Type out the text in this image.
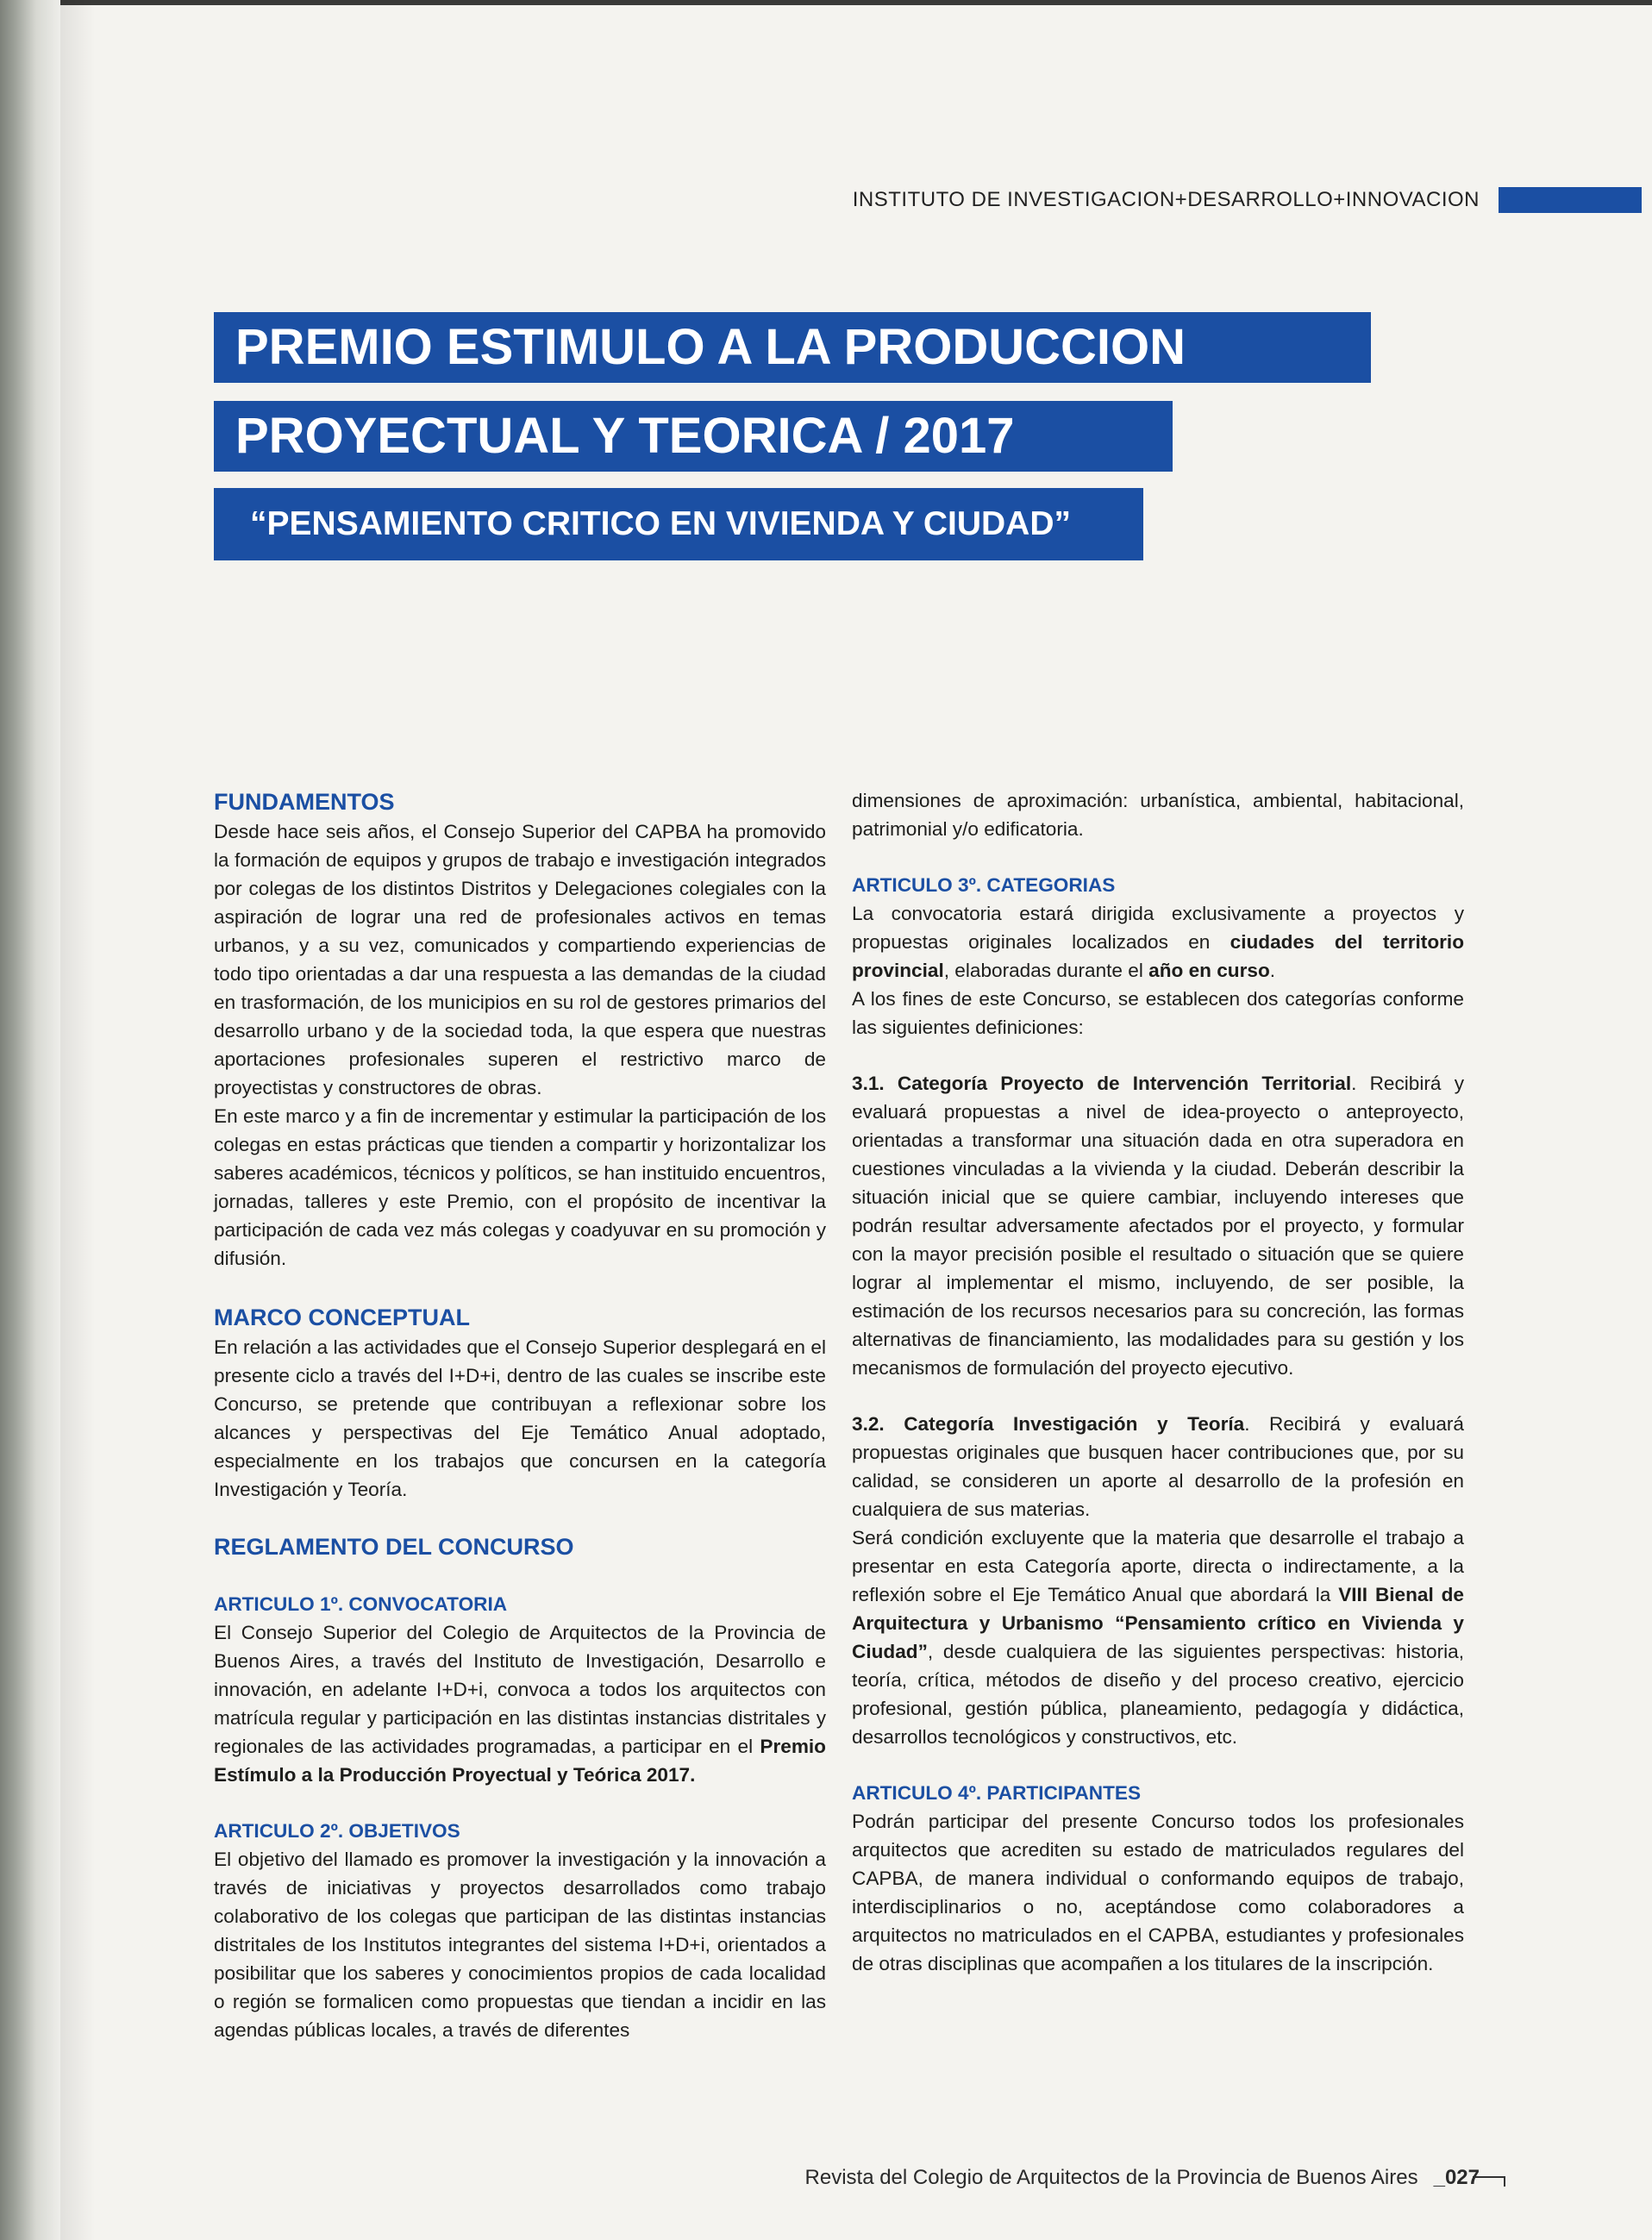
INSTITUTO DE INVESTIGACION+DESARROLLO+INNOVACION
PREMIO ESTIMULO A LA PRODUCCION
PROYECTUAL Y TEORICA / 2017
“PENSAMIENTO CRITICO EN VIVIENDA Y CIUDAD”
FUNDAMENTOS

Desde hace seis años, el Consejo Superior del CAPBA ha promovido la formación de equipos y grupos de trabajo e investigación integrados por colegas de los distintos Distritos y Delegaciones colegiales con la aspiración de lograr una red de profesionales activos en temas urbanos, y a su vez, comunicados y compartiendo experiencias de todo tipo orientadas a dar una respuesta a las demandas de la ciudad en trasformación, de los municipios en su rol de gestores primarios del desarrollo urbano y de la sociedad toda, la que espera que nuestras aportaciones profesionales superen el restrictivo marco de proyectistas y constructores de obras.

En este marco y a fin de incrementar y estimular la participación de los colegas en estas prácticas que tienden a compartir y horizontalizar los saberes académicos, técnicos y políticos, se han instituido encuentros, jornadas, talleres y este Premio, con el propósito de incentivar la participación de cada vez más colegas y coadyuvar en su promoción y difusión.

MARCO CONCEPTUAL

En relación a las actividades que el Consejo Superior desplegará en el presente ciclo a través del I+D+i, dentro de las cuales se inscribe este Concurso, se pretende que contribuyan a reflexionar sobre los alcances y perspectivas del Eje Temático Anual adoptado, especialmente en los trabajos que concursen en la categoría Investigación y Teoría.

REGLAMENTO DEL CONCURSO
ARTICULO 1º. CONVOCATORIA

El Consejo Superior del Colegio de Arquitectos de la Provincia de Buenos Aires, a través del Instituto de Investigación, Desarrollo e innovación, en adelante I+D+i, convoca a todos los arquitectos con matrícula regular y participación en las distintas instancias distritales y regionales de las actividades programadas, a participar en el Premio Estímulo a la Producción Proyectual y Teórica 2017.

ARTICULO 2º. OBJETIVOS

El objetivo del llamado es promover la investigación y la innovación a través de iniciativas y proyectos desarrollados como trabajo colaborativo de los colegas que participan de las distintas instancias distritales de los Institutos integrantes del sistema I+D+i, orientados a posibilitar que los saberes y conocimientos propios de cada localidad o región se formalicen como propuestas que tiendan a incidir en las agendas públicas locales, a través de diferentes

dimensiones de aproximación: urbanística, ambiental, habitacional, patrimonial y/o edificatoria.

ARTICULO 3º. CATEGORIAS

La convocatoria estará dirigida exclusivamente a proyectos y propuestas originales localizados en ciudades del territorio provincial, elaboradas durante el año en curso.

A los fines de este Concurso, se establecen dos categorías conforme las siguientes definiciones:

3.1. Categoría Proyecto de Intervención Territorial. Recibirá y evaluará propuestas a nivel de idea-proyecto o anteproyecto, orientadas a transformar una situación dada en otra superadora en cuestiones vinculadas a la vivienda y la ciudad. Deberán describir la situación inicial que se quiere cambiar, incluyendo intereses que podrán resultar adversamente afectados por el proyecto, y formular con la mayor precisión posible el resultado o situación que se quiere lograr al implementar el mismo, incluyendo, de ser posible, la estimación de los recursos necesarios para su concreción, las formas alternativas de financiamiento, las modalidades para su gestión y los mecanismos de formulación del proyecto ejecutivo.

3.2. Categoría Investigación y Teoría. Recibirá y evaluará propuestas originales que busquen hacer contribuciones que, por su calidad, se consideren un aporte al desarrollo de la profesión en cualquiera de sus materias.

Será condición excluyente que la materia que desarrolle el trabajo a presentar en esta Categoría aporte, directa o indirectamente, a la reflexión sobre el Eje Temático Anual que abordará la VIII Bienal de Arquitectura y Urbanismo “Pensamiento crítico en Vivienda y Ciudad”, desde cualquiera de las siguientes perspectivas: historia, teoría, crítica, métodos de diseño y del proceso creativo, ejercicio profesional, gestión pública, planeamiento, pedagogía y didáctica, desarrollos tecnológicos y constructivos, etc.

ARTICULO 4º. PARTICIPANTES

Podrán participar del presente Concurso todos los profesionales arquitectos que acrediten su estado de matriculados regulares del CAPBA, de manera individual o conformando equipos de trabajo, interdisciplinarios o no, aceptándose como colaboradores a arquitectos no matriculados en el CAPBA, estudiantes y profesionales de otras disciplinas que acompañen a los titulares de la inscripción.

Revista del Colegio de Arquitectos de la Provincia de Buenos Aires _027
